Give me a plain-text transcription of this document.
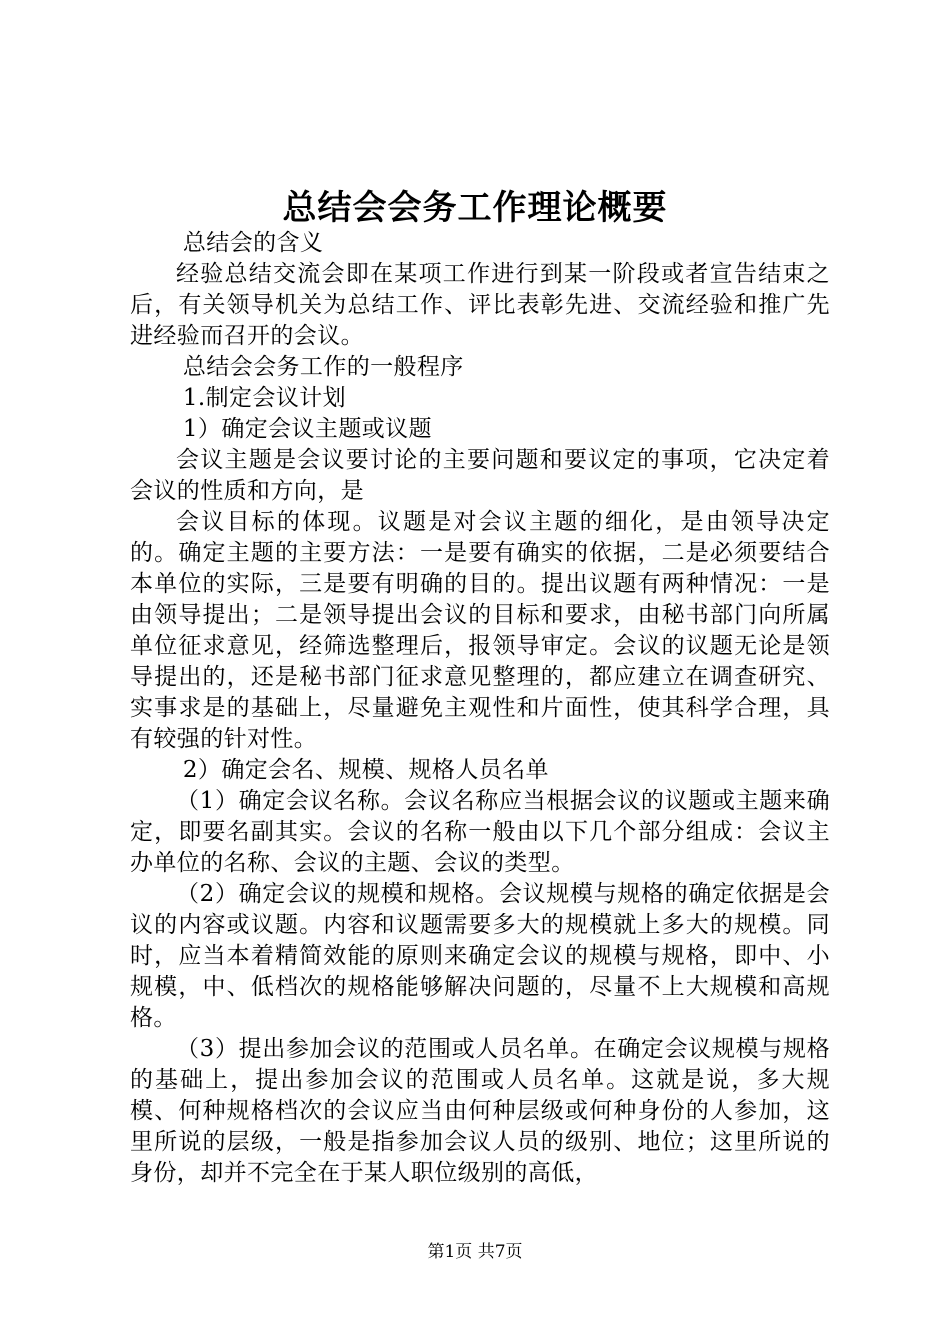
总结会会务工作理论概要

总结会的含义

经验总结交流会即在某项工作进行到某一阶段或者宣告结束之后，有关领导机关为总结工作、评比表彰先进、交流经验和推广先进经验而召开的会议。

总结会会务工作的一般程序

1.制定会议计划

1）确定会议主题或议题

会议主题是会议要讨论的主要问题和要议定的事项，它决定着会议的性质和方向，是

会议目标的体现。议题是对会议主题的细化，是由领导决定的。确定主题的主要方法：一是要有确实的依据，二是必须要结合本单位的实际，三是要有明确的目的。提出议题有两种情况：一是由领导提出；二是领导提出会议的目标和要求，由秘书部门向所属单位征求意见，经筛选整理后，报领导审定。会议的议题无论是领导提出的，还是秘书部门征求意见整理的，都应建立在调查研究、实事求是的基础上，尽量避免主观性和片面性，使其科学合理，具有较强的针对性。

2）确定会名、规模、规格人员名单

（1）确定会议名称。会议名称应当根据会议的议题或主题来确定，即要名副其实。会议的名称一般由以下几个部分组成：会议主办单位的名称、会议的主题、会议的类型。

（2）确定会议的规模和规格。会议规模与规格的确定依据是会议的内容或议题。内容和议题需要多大的规模就上多大的规模。同时，应当本着精简效能的原则来确定会议的规模与规格，即中、小规模，中、低档次的规格能够解决问题的，尽量不上大规模和高规格。

（3）提出参加会议的范围或人员名单。在确定会议规模与规格的基础上，提出参加会议的范围或人员名单。这就是说，多大规模、何种规格档次的会议应当由何种层级或何种身份的人参加，这里所说的层级，一般是指参加会议人员的级别、地位；这里所说的身份，却并不完全在于某人职位级别的高低，

第1页 共7页
